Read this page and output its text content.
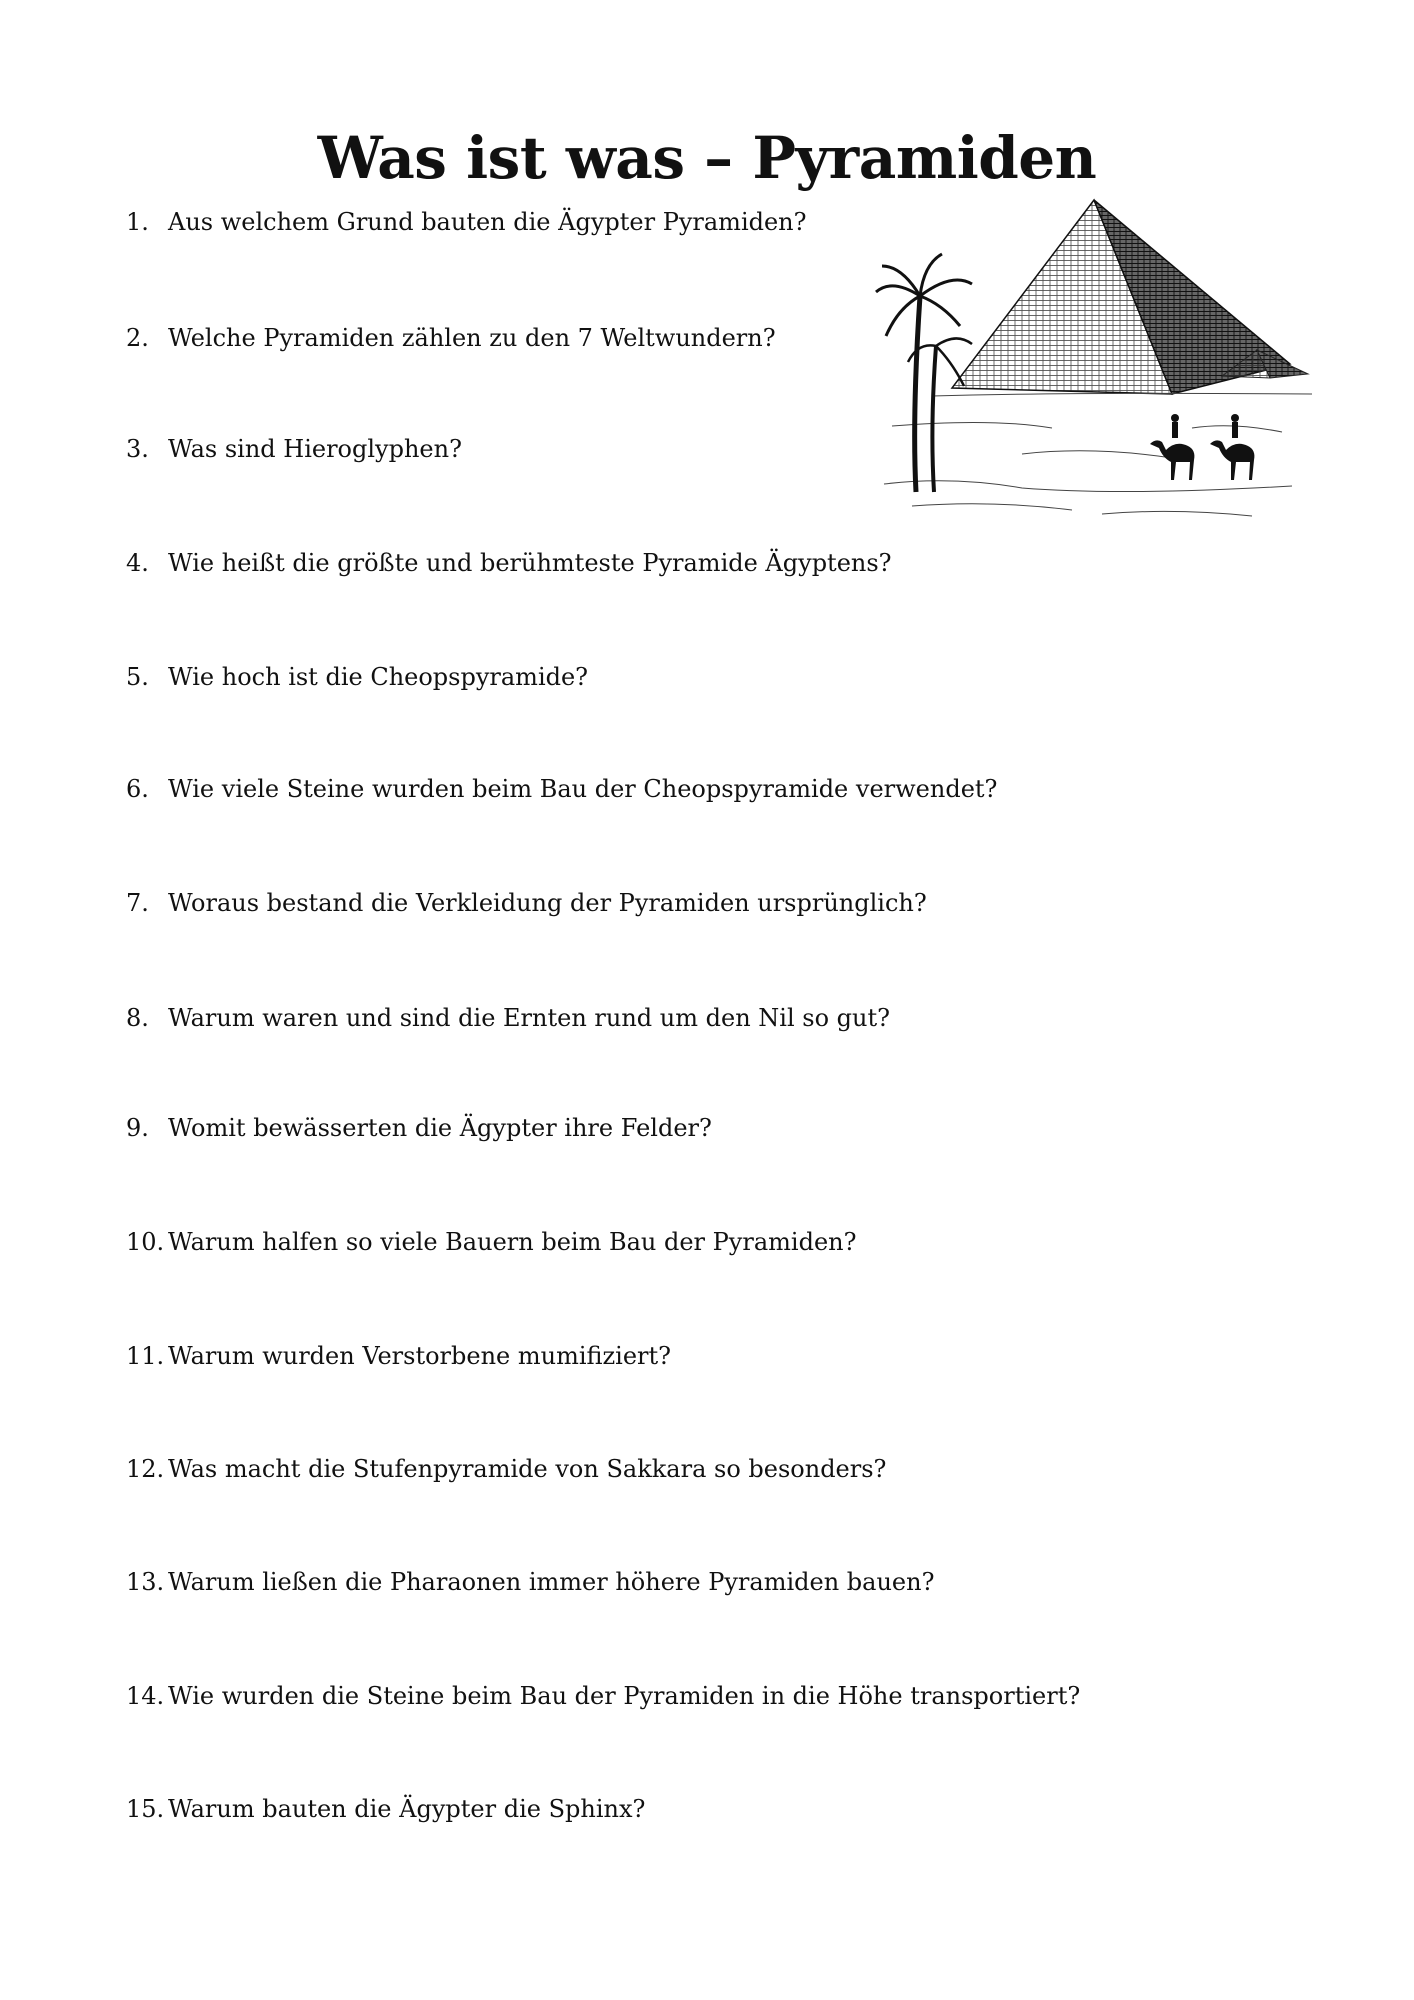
Was ist was – Pyramiden
1. Aus welchem Grund bauten die Ägypter Pyramiden?
2. Welche Pyramiden zählen zu den 7 Weltwundern?
3. Was sind Hieroglyphen?
4. Wie heißt die größte und berühmteste Pyramide Ägyptens?
5. Wie hoch ist die Cheopspyramide?
6. Wie viele Steine wurden beim Bau der Cheopspyramide verwendet?
7. Woraus bestand die Verkleidung der Pyramiden ursprünglich?
8. Warum waren und sind die Ernten rund um den Nil so gut?
9. Womit bewässerten die Ägypter ihre Felder?
10. Warum halfen so viele Bauern beim Bau der Pyramiden?
11. Warum wurden Verstorbene mumifiziert?
12. Was macht die Stufenpyramide von Sakkara so besonders?
13. Warum ließen die Pharaonen immer höhere Pyramiden bauen?
14. Wie wurden die Steine beim Bau der Pyramiden in die Höhe transportiert?
15. Warum bauten die Ägypter die Sphinx?
